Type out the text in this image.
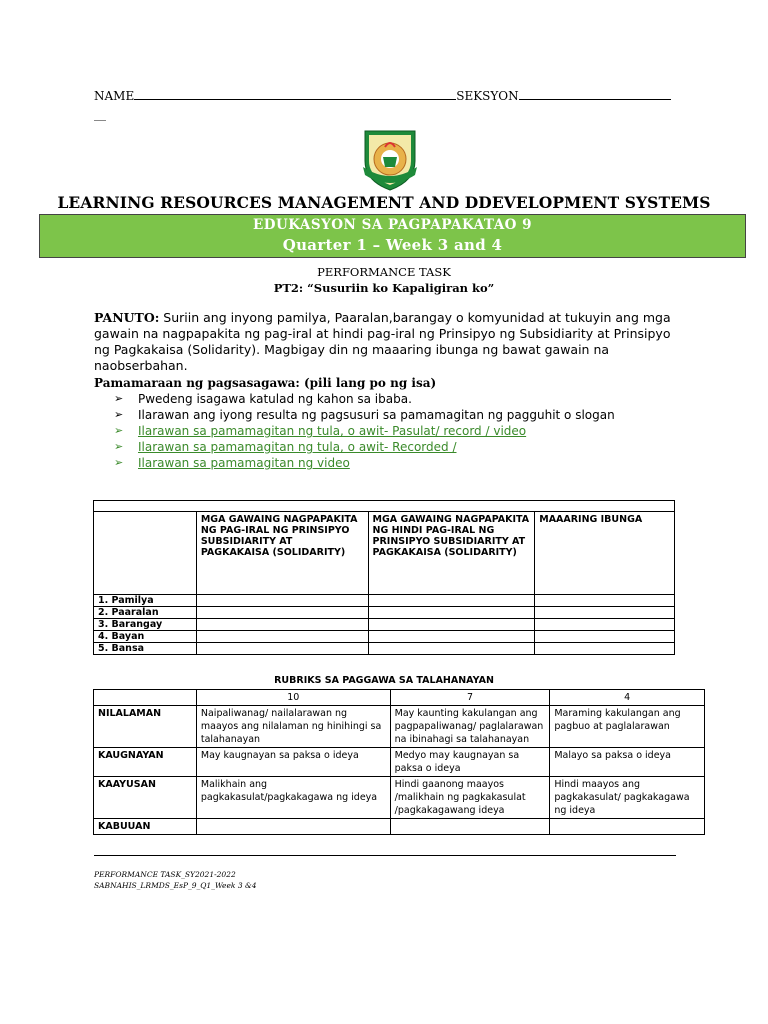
NAME	SEKSYON
__
LEARNING RESOURCES MANAGEMENT AND DDEVELOPMENT SYSTEMS
EDUKASYON SA PAGPAPAKATAO 9
Quarter 1 – Week 3 and 4
PERFORMANCE TASK
PT2: “Susuriin ko Kapaligiran ko”
PANUTO: Suriin ang inyong pamilya, Paaralan,barangay o komyunidad at tukuyin ang mga gawain na nagpapakita ng pag-iral at hindi pag-iral ng Prinsipyo ng Subsidiarity at Prinsipyo ng Pagkakaisa (Solidarity). Magbigay din ng maaaring ibunga ng bawat gawain na naobserbahan.
Pamamaraan ng pagsasagawa: (pili lang po ng isa)
➢	Pwedeng isagawa katulad ng kahon sa ibaba.
➢	Ilarawan ang iyong resulta ng pagsusuri sa pamamagitan ng pagguhit o slogan
➢	Ilarawan sa pamamagitan ng tula, o awit- Pasulat/ record / video
➢	Ilarawan sa pamamagitan ng tula, o awit- Recorded /
➢	Ilarawan sa pamamagitan ng video

	MGA GAWAING NAGPAPAKITA NG PAG-IRAL NG PRINSIPYO SUBSIDIARITY AT PAGKAKAISA (SOLIDARITY)	MGA GAWAING NAGPAPAKITA NG HINDI PAG-IRAL NG PRINSIPYO SUBSIDIARITY AT PAGKAKAISA (SOLIDARITY)	MAAARING IBUNGA
1. Pamilya			
2. Paaralan			
3. Barangay			
4. Bayan			
5. Bansa			
RUBRIKS SA PAGGAWA SA TALAHANAYAN
	10	7	4
NILALAMAN	Naipaliwanag/ nailalarawan ng maayos ang nilalaman ng hinihingi sa talahanayan	May kaunting kakulangan ang pagpapaliwanag/ paglalarawan na ibinahagi sa talahanayan	Maraming kakulangan ang pagbuo at paglalarawan
KAUGNAYAN	May kaugnayan sa paksa o ideya	Medyo may kaugnayan sa paksa o ideya	Malayo sa paksa o ideya
KAAYUSAN	Malikhain ang pagkakasulat/pagkakagawa ng ideya	Hindi gaanong maayos /malikhain ng pagkakasulat /pagkakagawang ideya	Hindi maayos ang pagkakasulat/ pagkakagawa ng ideya
KABUUAN			
PERFORMANCE TASK_SY2021-2022
SABNAHIS_LRMDS_EsP_9_Q1_Week 3 &4
